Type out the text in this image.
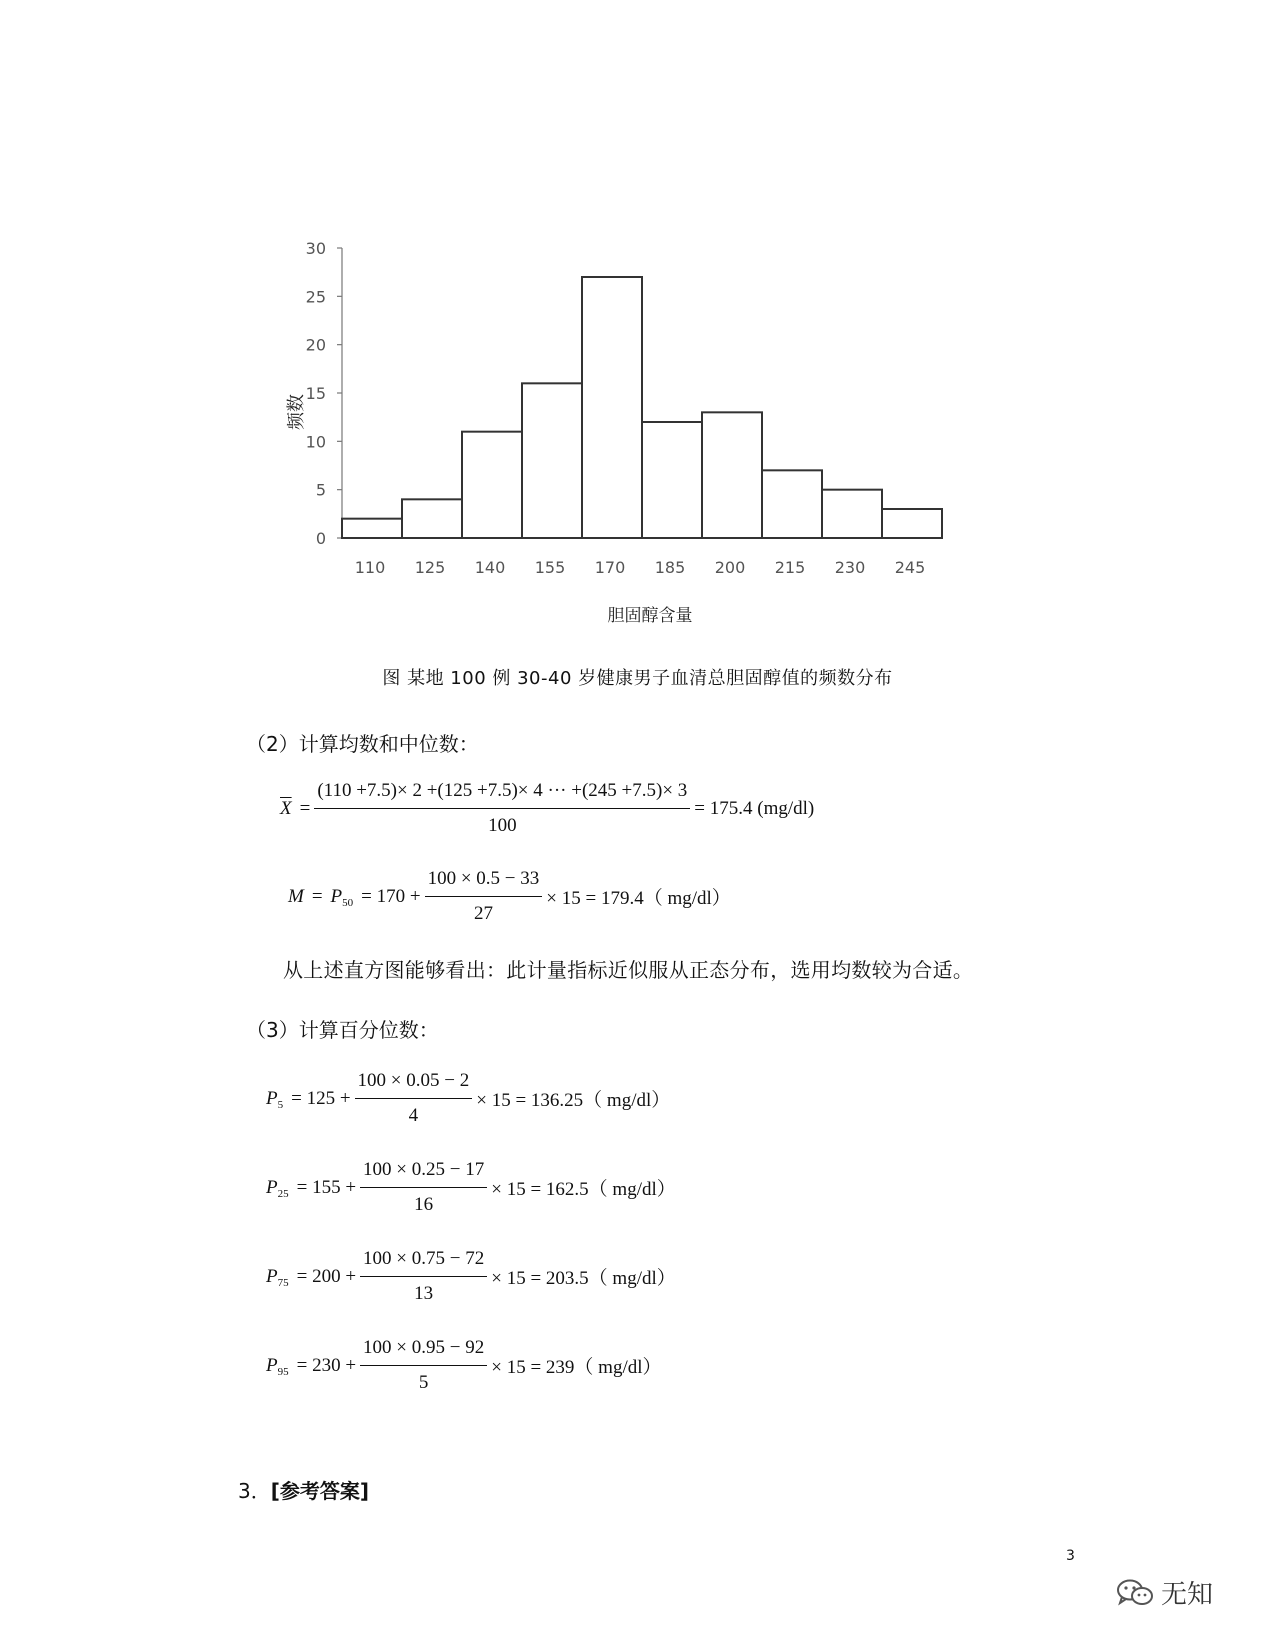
0
5
10
15
20
25
30
110 125 140 155 170 185 200 215 230 245
频数
胆固醇含量
图 某地 100 例 30-40 岁健康男子血清总胆固醇值的频数分布
（2）计算均数和中位数：
$\overline{X} = \frac{(110 +7.5)\times 2 +(125 +7.5)\times 4 \cdot\cdot\cdot +(245 +7.5)\times 3}{100} = 175.4$ (mg/dl)
M = P $50 = 170 + \frac{100 \times 0.5 - 33}{27} \times 15 = 179.4$（ mg/dl）
从上述直方图能够看出：此计量指标近似服从正态分布，选用均数较为合适。
（3）计算百分位数：
P $5 = 125 + \frac{100 \times 0.05 - 2}{4} \times 15 = 136.25$（ mg/dl）
P $25 = 155 + \frac{100 \times 0.25 - 17}{16} \times 15 = 162.5$（ mg/dl）
P $75 = 200 + \frac{100 \times 0.75 - 72}{13} \times 15 = 203.5$（ mg/dl）
P $95 = 230 + \frac{100 \times 0.95 - 92}{5} \times 15 = 239$（ mg/dl）
3．[参考答案]
3
无知
